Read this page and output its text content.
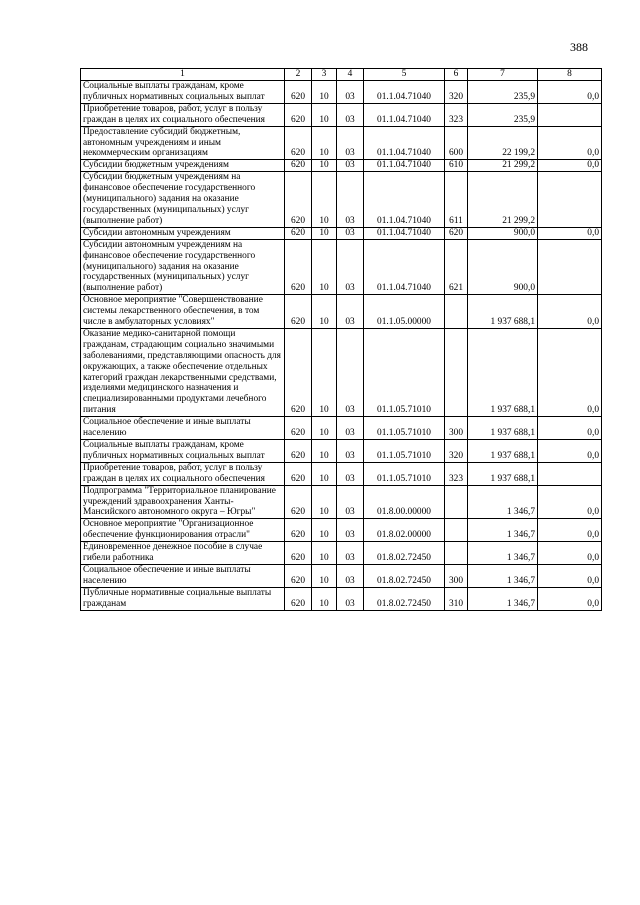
388
1	2	3	4	5	6	7	8
Социальные выплаты гражданам, кроме публичных нормативных социальных выплат	620	10	03	01.1.04.71040	320	235,9	0,0
Приобретение товаров, работ, услуг в пользу граждан в целях их социального обеспечения	620	10	03	01.1.04.71040	323	235,9	
Предоставление субсидий бюджетным, автономным учреждениям и иным некоммерческим организациям	620	10	03	01.1.04.71040	600	22 199,2	0,0
Субсидии бюджетным учреждениям	620	10	03	01.1.04.71040	610	21 299,2	0,0
Субсидии бюджетным учреждениям на финансовое обеспечение государственного (муниципального) задания на оказание государственных (муниципальных) услуг (выполнение работ)	620	10	03	01.1.04.71040	611	21 299,2	
Субсидии автономным учреждениям	620	10	03	01.1.04.71040	620	900,0	0,0
Субсидии автономным учреждениям на финансовое обеспечение государственного (муниципального) задания на оказание государственных (муниципальных) услуг (выполнение работ)	620	10	03	01.1.04.71040	621	900,0	
Основное мероприятие "Совершенствование системы лекарственного обеспечения, в том числе в амбулаторных условиях"	620	10	03	01.1.05.00000		1 937 688,1	0,0
Оказание медико-санитарной помощи гражданам, страдающим социально значимыми заболеваниями, представляющими опасность для окружающих, а также обеспечение отдельных категорий граждан лекарственными средствами, изделиями медицинского назначения и специализированными продуктами лечебного питания	620	10	03	01.1.05.71010		1 937 688,1	0,0
Социальное обеспечение и иные выплаты населению	620	10	03	01.1.05.71010	300	1 937 688,1	0,0
Социальные выплаты гражданам, кроме публичных нормативных социальных выплат	620	10	03	01.1.05.71010	320	1 937 688,1	0,0
Приобретение товаров, работ, услуг в пользу граждан в целях их социального обеспечения	620	10	03	01.1.05.71010	323	1 937 688,1	
Подпрограмма "Территориальное планирование учреждений здравоохранения Ханты-Мансийского автономного округа – Югры"	620	10	03	01.8.00.00000		1 346,7	0,0
Основное мероприятие "Организационное обеспечение функционирования отрасли"	620	10	03	01.8.02.00000		1 346,7	0,0
Единовременное денежное пособие в случае гибели работника	620	10	03	01.8.02.72450		1 346,7	0,0
Социальное обеспечение и иные выплаты населению	620	10	03	01.8.02.72450	300	1 346,7	0,0
Публичные нормативные социальные выплаты гражданам	620	10	03	01.8.02.72450	310	1 346,7	0,0
